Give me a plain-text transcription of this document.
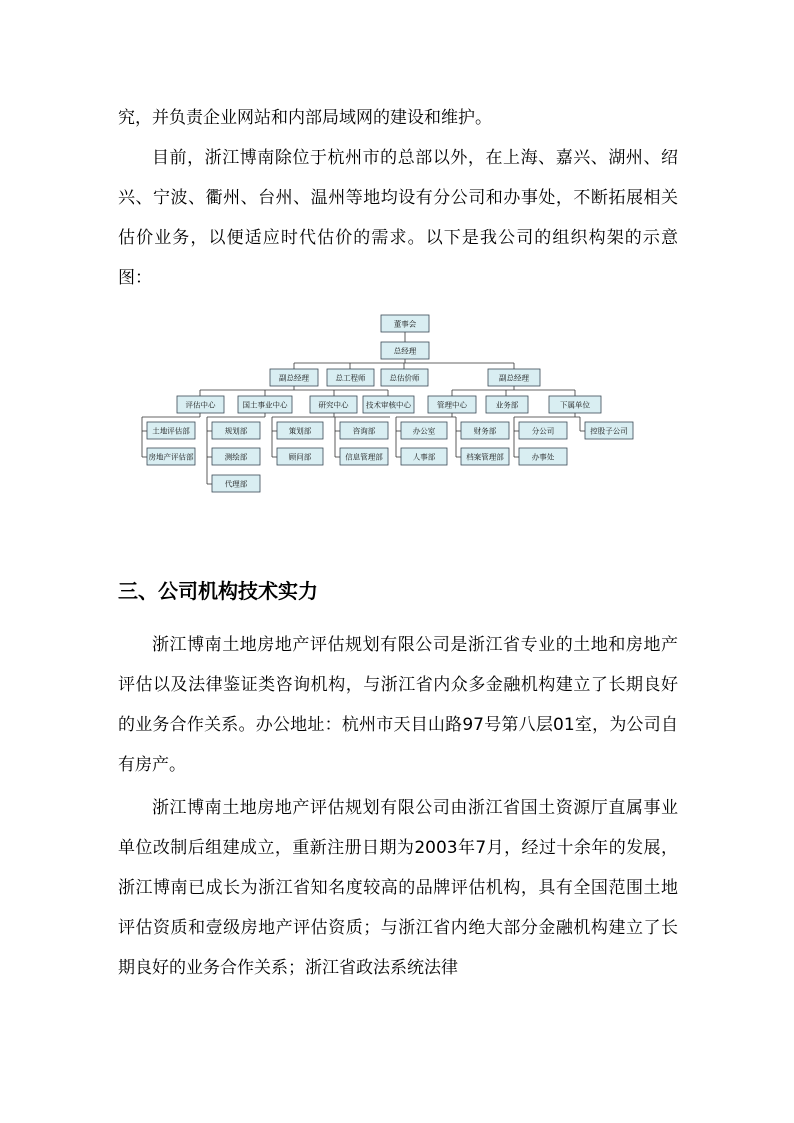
究，并负责企业网站和内部局域网的建设和维护。

目前，浙江博南除位于杭州市的总部以外，在上海、嘉兴、湖州、绍兴、宁波、衢州、台州、温州等地均设有分公司和办事处，不断拓展相关估价业务，以便适应时代估价的需求。以下是我公司的组织构架的示意图：

董事会
总经理
副总经理	总工程师	总估价师	副总经理
评估中心	国土事业中心	研究中心 技术审核中心	管理中心	业务部	下属单位
土地评估部
房地产评估部
规划部
测绘部
代理部
策划部
顾问部
咨询部
信息管理部
办公室
人事部
财务部
档案管理部
分公司
办事处
控股子公司
三、公司机构技术实力

浙江博南土地房地产评估规划有限公司是浙江省专业的土地和房地产评估以及法律鉴证类咨询机构，与浙江省内众多金融机构建立了长期良好的业务合作关系。办公地址：杭州市天目山路97号第八层01室，为公司自有房产。

浙江博南土地房地产评估规划有限公司由浙江省国土资源厅直属事业单位改制后组建成立，重新注册日期为2003年7月，经过十余年的发展，浙江博南已成长为浙江省知名度较高的品牌评估机构，具有全国范围土地评估资质和壹级房地产评估资质；与浙江省内绝大部分金融机构建立了长期良好的业务合作关系；浙江省政法系统法律
